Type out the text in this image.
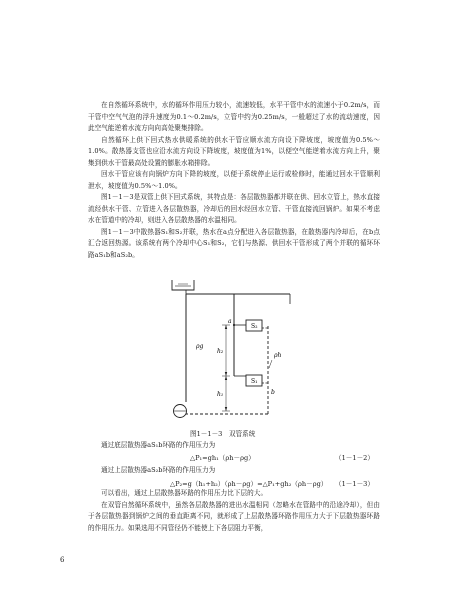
在自然循环系统中，水的循环作用压力较小，流速较低，水平干管中水的流速小于0.2m/s，而干管中空气气泡的浮升速度为0.1～0.2m/s，立管中约为0.25m/s，一般超过了水的流动速度，因此空气能逆着水流方向向高处聚集排除。

自然循环上供下回式热水供暖系统的供水干管应顺水流方向设下降坡度，坡度值为0.5%～1.0%。散热器支管也应沿水流方向设下降坡度，坡度值为1%，以便空气能逆着水流方向上升，聚集到供水干管最高处设置的膨胀水箱排除。

回水干管应该有向锅炉方向下降的坡度，以便于系统停止运行或检修时，能通过回水干管顺利泄水，坡度值为0.5%～1.0%。

图1－1－3是双管上供下回式系统，其特点是：各层散热器都并联在供、回水立管上，热水直接流经供水干管、立管进入各层散热器，冷却后的回水经回水立管、干管直接流回锅炉。如果不考虑水在管道中的冷却，则进入各层散热器的水温相同。

图1－1－3中散热器S₁和S₂并联，热水在a点分配进入各层散热器，在散热器内冷却后，在b点汇合返回热源。该系统有两个冷却中心S₁和S₂，它们与热源、供回水干管形成了两个并联的循环环路aS₁b和aS₂b。

S₂
S₁
a
b
h₂
h₁
ρg
ρh
图1－1－3　双管系统
通过底层散热器aS₁b环路的作用压力为
△P₁=gh₁（ρh－ρg）	（1－1－2）
通过上层散热器aS₂b环路的作用压力为
△P₂=g（h₁+h₂）（ρh－ρg）=△P₁+gh₂（ρh－ρg） （1－1－3）

可以看出，通过上层散热器环路的作用压力比下层的大。

在双管自然循环系统中，虽然各层散热器的进出水温相同（忽略水在管路中的沿途冷却），但由于各层散热器到锅炉之间的垂直距离不同，就形成了上层散热器环路作用压力大于下层散热器环路的作用压力。如果选用不同管径仍不能使上下各层阻力平衡，

6
